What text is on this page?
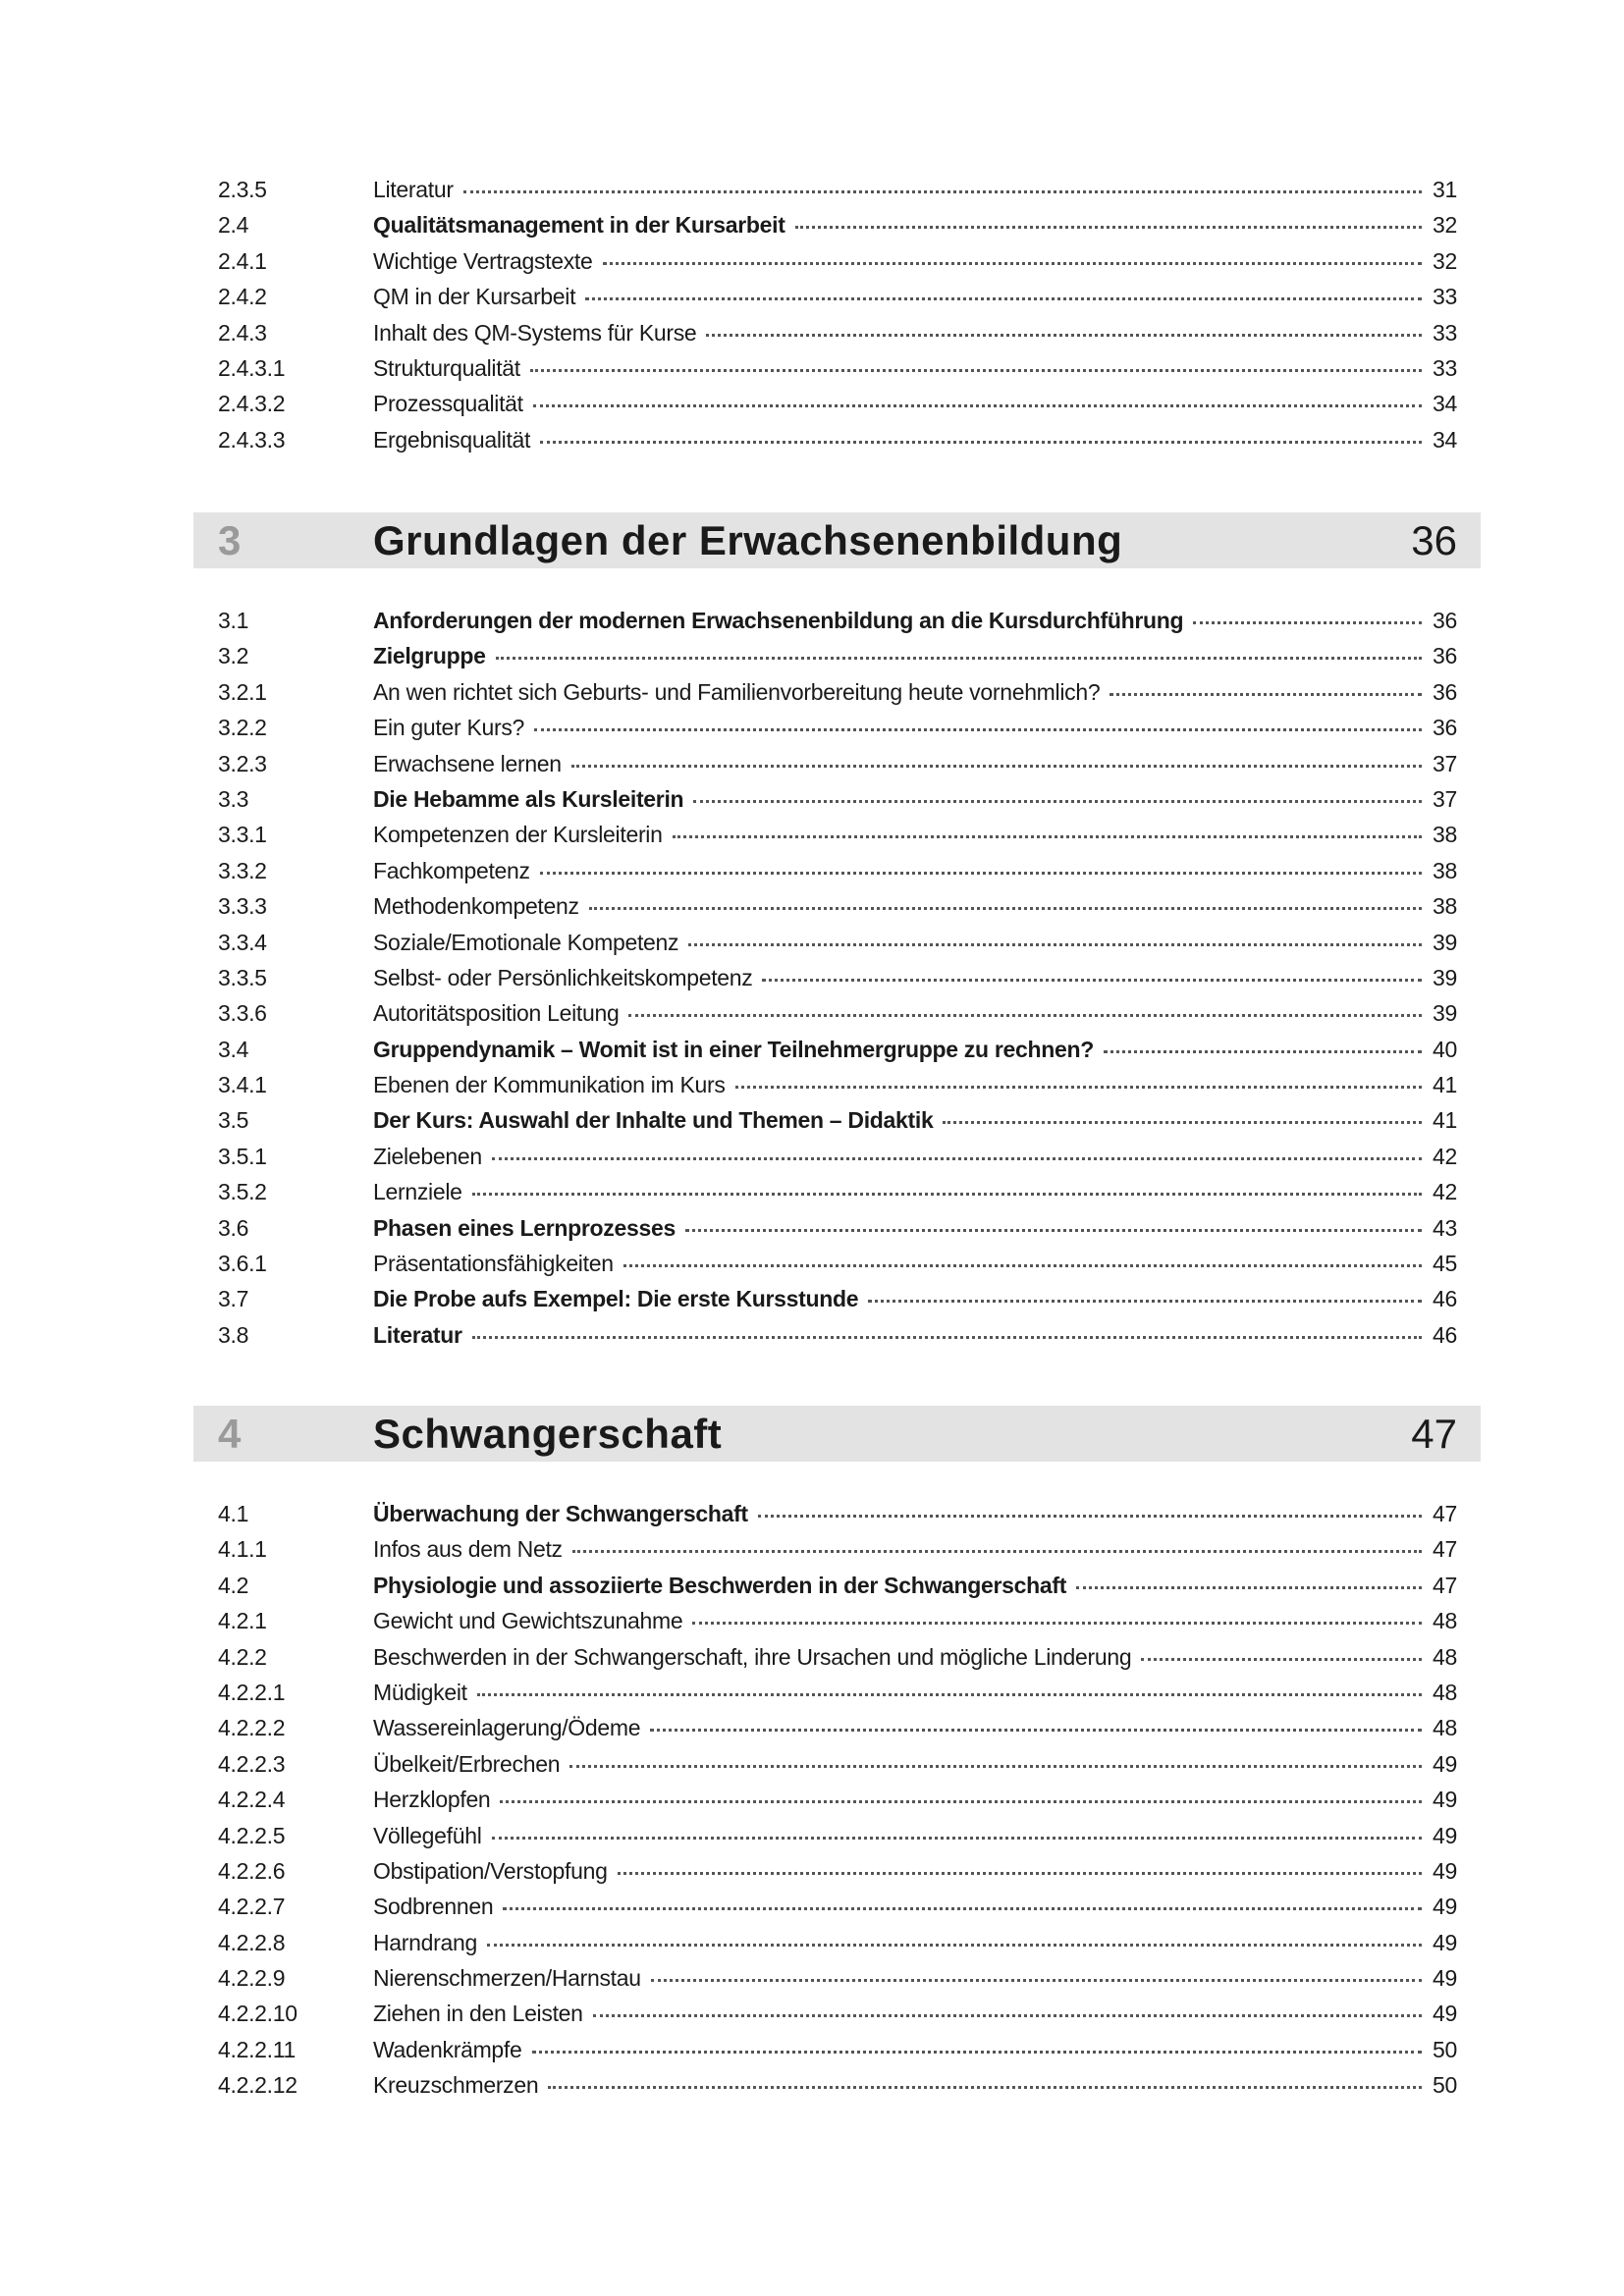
2.3.5	Literatur	31
2.4	Qualitätsmanagement in der Kursarbeit	32
2.4.1	Wichtige Vertragstexte	32
2.4.2	QM in der Kursarbeit	33
2.4.3	Inhalt des QM-Systems für Kurse	33
2.4.3.1	Strukturqualität	33
2.4.3.2	Prozessqualität	34
2.4.3.3	Ergebnisqualität	34
3	Grundlagen der Erwachsenenbildung	36
3.1	Anforderungen der modernen Erwachsenenbildung an die Kursdurchführung	36
3.2	Zielgruppe	36
3.2.1	An wen richtet sich Geburts- und Familienvorbereitung heute vornehmlich?	36
3.2.2	Ein guter Kurs?	36
3.2.3	Erwachsene lernen	37
3.3	Die Hebamme als Kursleiterin	37
3.3.1	Kompetenzen der Kursleiterin	38
3.3.2	Fachkompetenz	38
3.3.3	Methodenkompetenz	38
3.3.4	Soziale/Emotionale Kompetenz	39
3.3.5	Selbst- oder Persönlichkeitskompetenz	39
3.3.6	Autoritätsposition Leitung	39
3.4	Gruppendynamik – Womit ist in einer Teilnehmergruppe zu rechnen?	40
3.4.1	Ebenen der Kommunikation im Kurs	41
3.5	Der Kurs: Auswahl der Inhalte und Themen – Didaktik	41
3.5.1	Zielebenen	42
3.5.2	Lernziele	42
3.6	Phasen eines Lernprozesses	43
3.6.1	Präsentationsfähigkeiten	45
3.7	Die Probe aufs Exempel: Die erste Kursstunde	46
3.8	Literatur	46
4	Schwangerschaft	47
4.1	Überwachung der Schwangerschaft	47
4.1.1	Infos aus dem Netz	47
4.2	Physiologie und assoziierte Beschwerden in der Schwangerschaft	47
4.2.1	Gewicht und Gewichtszunahme	48
4.2.2	Beschwerden in der Schwangerschaft, ihre Ursachen und mögliche Linderung	48
4.2.2.1	Müdigkeit	48
4.2.2.2	Wassereinlagerung/Ödeme	48
4.2.2.3	Übelkeit/Erbrechen	49
4.2.2.4	Herzklopfen	49
4.2.2.5	Völlegefühl	49
4.2.2.6	Obstipation/Verstopfung	49
4.2.2.7	Sodbrennen	49
4.2.2.8	Harndrang	49
4.2.2.9	Nierenschmerzen/Harnstau	49
4.2.2.10	Ziehen in den Leisten	49
4.2.2.11	Wadenkrämpfe	50
4.2.2.12	Kreuzschmerzen	50
